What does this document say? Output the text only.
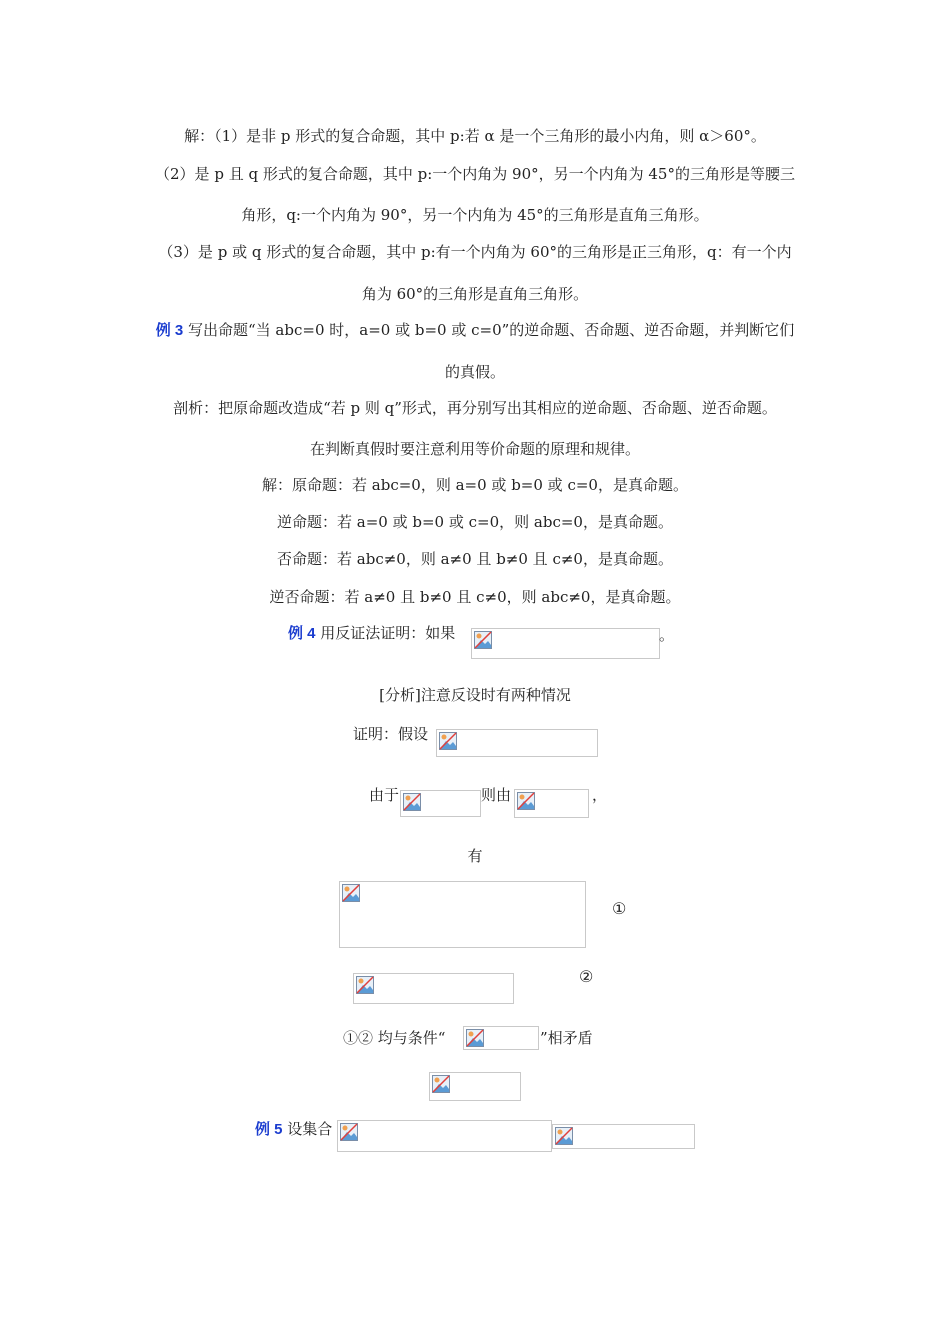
解：（1）是非 p 形式的复合命题，其中 p:若 α 是一个三角形的最小内角，则 α＞60°。
（2）是 p 且 q 形式的复合命题，其中 p:一个内角为 90°，另一个内角为 45°的三角形是等腰三
角形，q:一个内角为 90°，另一个内角为 45°的三角形是直角三角形。
（3）是 p 或 q 形式的复合命题，其中 p:有一个内角为 60°的三角形是正三角形，q：有一个内
角为 60°的三角形是直角三角形。
例 3 写出命题“当 abc=0 时，a=0 或 b=0 或 c=0”的逆命题、否命题、逆否命题，并判断它们
的真假。
剖析：把原命题改造成“若 p 则 q”形式，再分别写出其相应的逆命题、否命题、逆否命题。
在判断真假时要注意利用等价命题的原理和规律。
解：原命题：若 abc=0，则 a=0 或 b=0 或 c=0，是真命题。
逆命题：若 a=0 或 b=0 或 c=0，则 abc=0，是真命题。
否命题：若 abc≠0，则 a≠0 且 b≠0 且 c≠0，是真命题。
逆否命题：若 a≠0 且 b≠0 且 c≠0，则 abc≠0，是真命题。
例 4 用反证法证明：如果	。
[分析]注意反设时有两种情况
证明：假设
由于	则由	，
有
①
②
①② 均与条件“	”相矛盾
例 5 设集合
